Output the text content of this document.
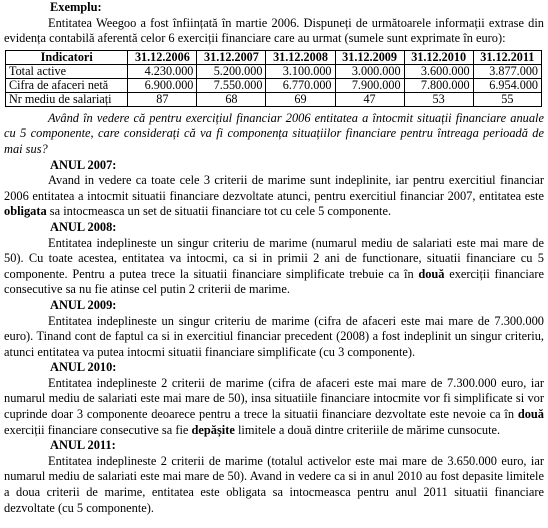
Exemplu:

Entitatea Weegoo a fost înființată în martie 2006. Dispuneți de următoarele informații extrase din evidența contabilă aferentă celor 6 exerciții financiare care au urmat (sumele sunt exprimate în euro):

Indicatori	31.12.2006	31.12.2007	31.12.2008	31.12.2009	31.12.2010	31.12.2011
Total active	4.230.000	5.200.000	3.100.000	3.000.000	3.600.000	3.877.000
Cifra de afaceri netă	6.900.000	7.550.000	6.770.000	7.900.000	7.800.000	6.954.000
Nr mediu de salariați	87	68	69	47	53	55

Având în vedere că pentru exercițiul financiar 2006 entitatea a întocmit situații financiare anuale cu 5 componente, care considerați că va fi componența situațiilor financiare pentru întreaga perioadă de mai sus?

ANUL 2007:

Avand in vedere ca toate cele 3 criterii de marime sunt indeplinite, iar pentru exercitiul financiar 2006 entitatea a intocmit situatii financiare dezvoltate atunci, pentru exercitiul financiar 2007, entitatea este obligata sa intocmeasca un set de situatii financiare tot cu cele 5 componente.

ANUL 2008:

Entitatea indeplineste un singur criteriu de marime (numarul mediu de salariati este mai mare de 50). Cu toate acestea, entitatea va intocmi, ca si in primii 2 ani de functionare, situatii financiare cu 5 componente. Pentru a putea trece la situatii financiare simplificate trebuie ca în două exerciții financiare consecutive sa nu fie atinse cel putin 2 criterii de marime.

ANUL 2009:

Entitatea indeplineste un singur criteriu de marime (cifra de afaceri este mai mare de 7.300.000 euro). Tinand cont de faptul ca si in exercitiul financiar precedent (2008) a fost indeplinit un singur criteriu, atunci entitatea va putea intocmi situatii financiare simplificate (cu 3 componente).

ANUL 2010:

Entitatea indeplineste 2 criterii de marime (cifra de afaceri este mai mare de 7.300.000 euro, iar numarul mediu de salariati este mai mare de 50), insa situatiile financiare intocmite vor fi simplificate si vor cuprinde doar 3 componente deoarece pentru a trece la situatii financiare dezvoltate este nevoie ca în două exerciții financiare consecutive sa fie depășite limitele a două dintre criteriile de mărime cunsocute.

ANUL 2011:

Entitatea indeplineste 2 criterii de marime (totalul activelor este mai mare de 3.650.000 euro, iar numarul mediu de salariati este mai mare de 50). Avand in vedere ca si in anul 2010 au fost depasite limitele a doua criterii de marime, entitatea este obligata sa intocmeasca pentru anul 2011 situatii financiare dezvoltate (cu 5 componente).
